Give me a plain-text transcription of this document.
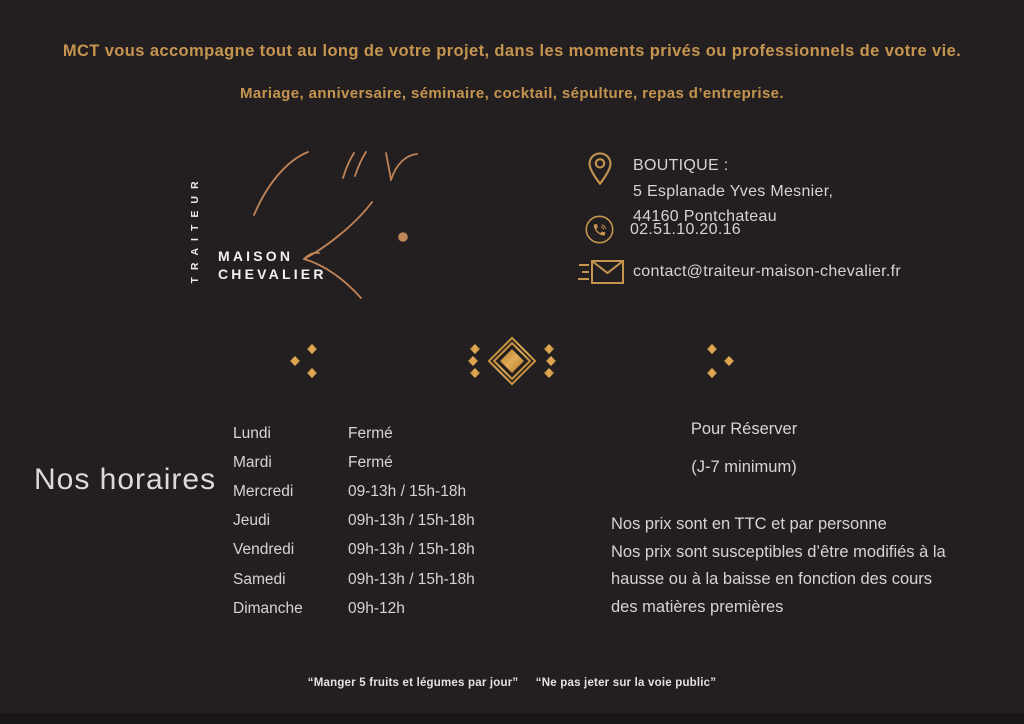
MCT vous accompagne tout au long de votre projet, dans les moments privés ou professionnels de votre vie.
Mariage, anniversaire, séminaire, cocktail, sépulture, repas d’entreprise.
TRAITEUR MAISON
CHEVALIER
BOUTIQUE :
5 Esplanade Yves Mesnier,
44160 Pontchateau
02.51.10.20.16
contact@traiteur-maison-chevalier.fr
Nos horaires
Lundi	Fermé
Mardi	Fermé
Mercredi	09-13h / 15h-18h
Jeudi	09h-13h / 15h-18h
Vendredi	09h-13h / 15h-18h
Samedi	09h-13h / 15h-18h
Dimanche	09h-12h
Pour Réserver
(J-7 minimum)
Nos prix sont en TTC et par personne
Nos prix sont susceptibles d’être modifiés à la hausse ou à la baisse en fonction des cours des matières premières
“Manger 5 fruits et légumes par jour” “Ne pas jeter sur la voie public”
